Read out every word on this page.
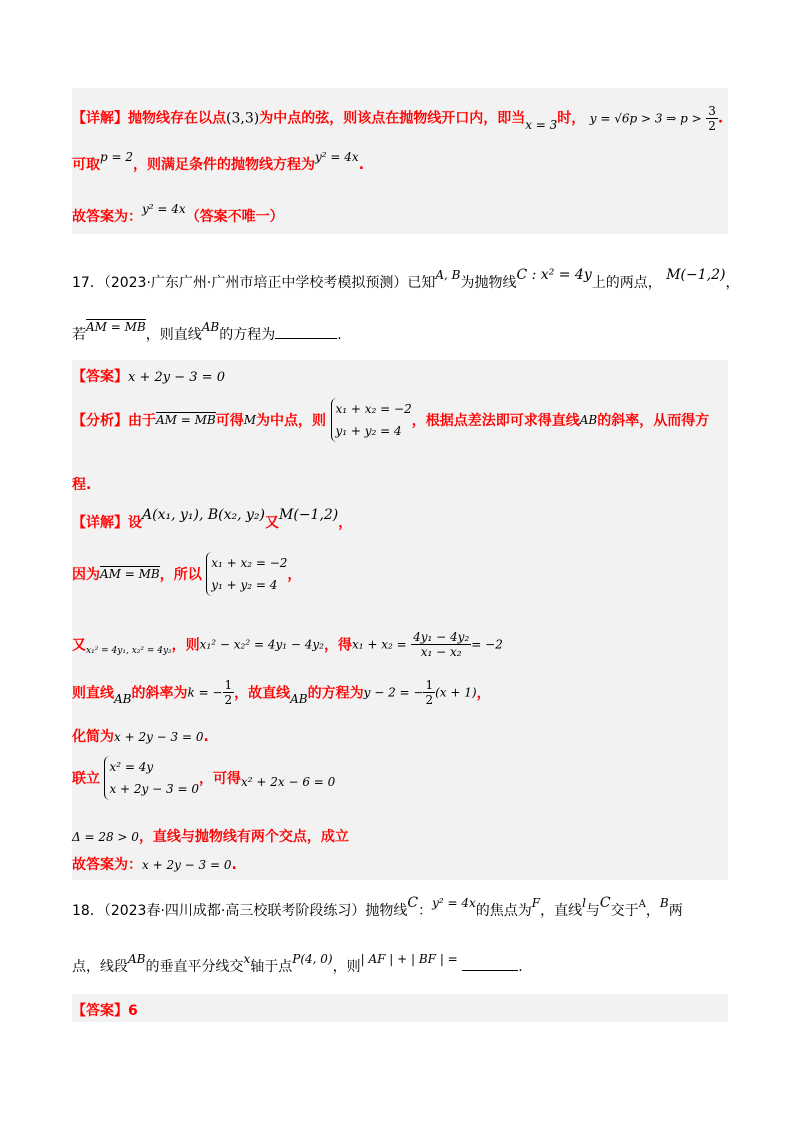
【详解】抛物线存在以点(3,3)为中点的弦，则该点在抛物线开口内，即当x = 3时， y = √6p > 3 ⇒ $p > \frac{3}{2}$ .
可取p = 2，则满足条件的抛物线方程为y² = 4x.
故答案为：y² = 4x（答案不唯一）
17．（2023·广东广州·广州市培正中学校考模拟预测）已知A, B为抛物线C : x² = 4y上的两点， M(−1,2)，
若AM = MB，则直线AB的方程为	.
【答案】x + 2y − 3 = 0
【分析】由于AM = MB可得M为中点，则
x₁ + x₂ = −2
y₁ + y₂ = 4
，根据点差法即可求得直线AB的斜率，从而得方
程.
【详解】设A(x₁, y₁), B(x₂, y₂)又M(−1,2)，
因为AM = MB，所以
x₁ + x₂ = −2
y₁ + y₂ = 4
，
又$_{x_1^2 = 4y_1, x_2^2 = 4y_2}$，则x₁² − x₂² = 4y₁ − 4y₂，得$x_1 + x_2 = \frac{\text{4y₁ − 4y₂}}{\text{x₁ − x₂}} = -2$
则直线AB的斜率为k = − $\frac{1}{2}$ ，故直线AB的方程为y − 2 = − $\frac{1}{2} (x + 1)$，
化简为x + 2y − 3 = 0.
联立
x² = 4y
x + 2y − 3 = 0
，可得x² + 2x − 6 = 0
Δ = 28 > 0，直线与抛物线有两个交点，成立
故答案为：x + 2y − 3 = 0.
18．（2023春·四川成都·高三校联考阶段练习）抛物线C：y² = 4x的焦点为F，直线l与C交于$^A$，B两
点，线段AB的垂直平分线交x轴于点P(4, 0)，则| AF | + | BF | =	.
【答案】6
